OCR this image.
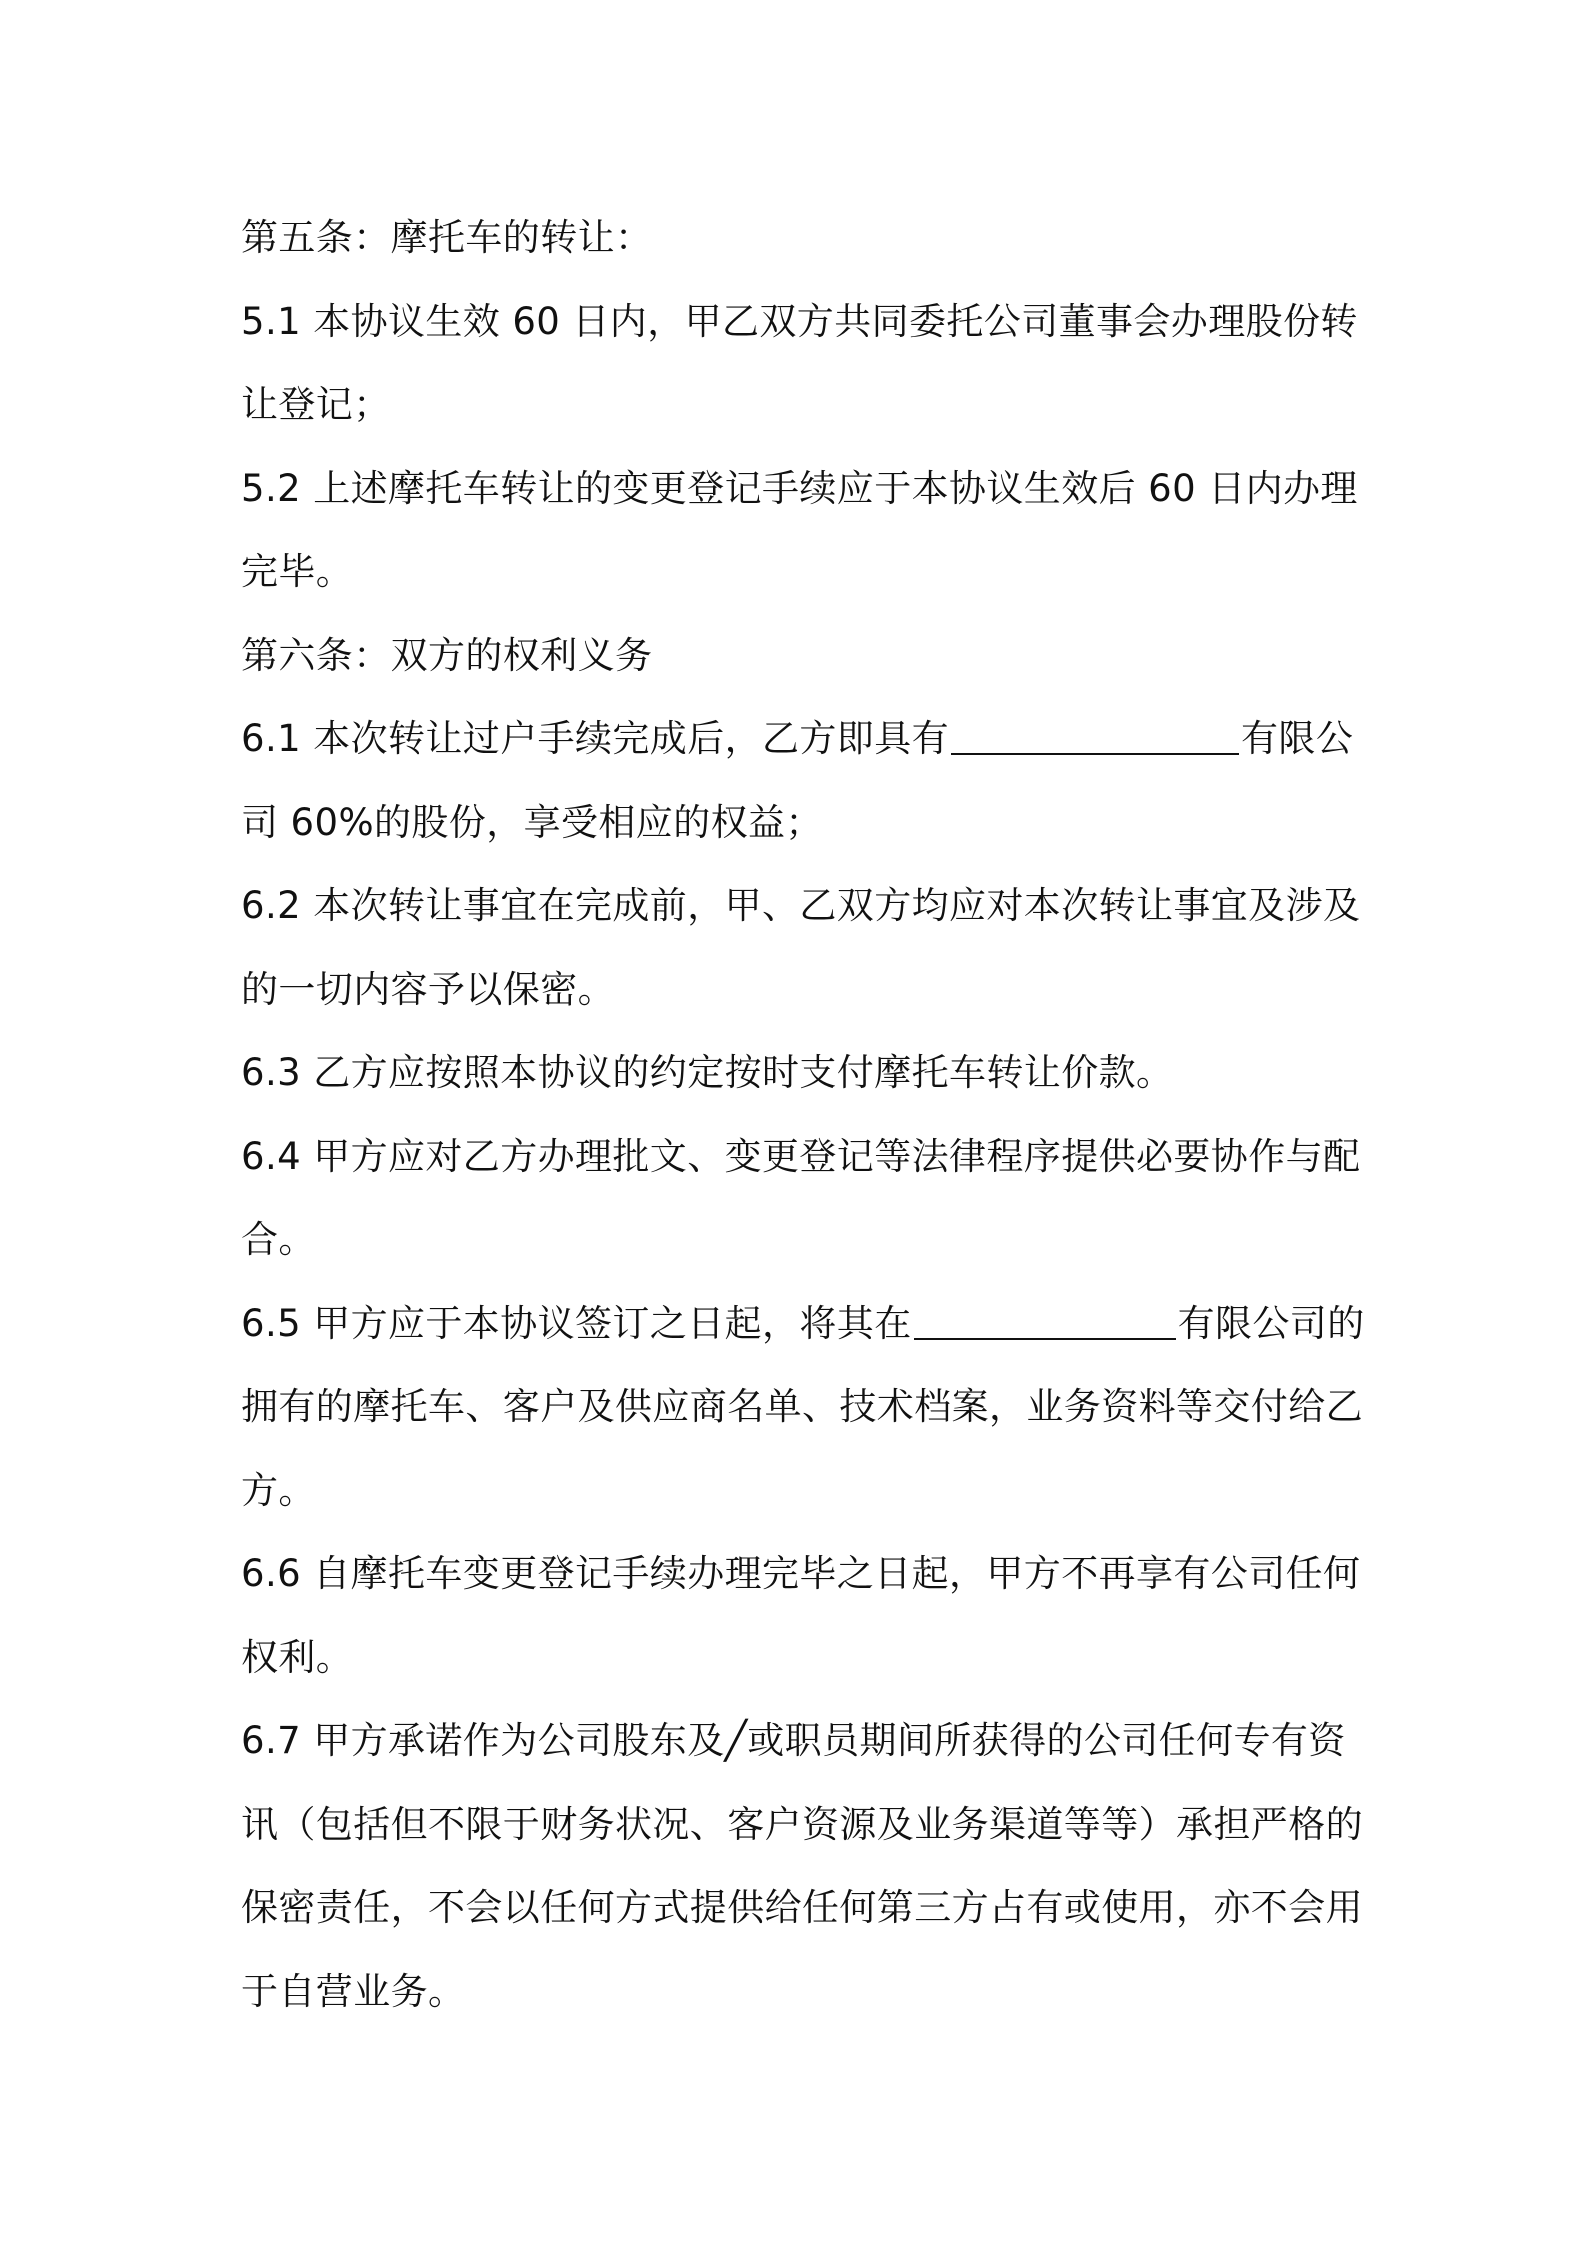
第五条：摩托车的转让：
5.1 本协议生效 60 日内，甲乙双方共同委托公司董事会办理股份转
让登记；
5.2 上述摩托车转让的变更登记手续应于本协议生效后 60 日内办理
完毕。
第六条：双方的权利义务
6.1 本次转让过户手续完成后，乙方即具有	有限公
司 60%的股份，享受相应的权益；
6.2 本次转让事宜在完成前，甲、乙双方均应对本次转让事宜及涉及
的一切内容予以保密。
6.3 乙方应按照本协议的约定按时支付摩托车转让价款。
6.4 甲方应对乙方办理批文、变更登记等法律程序提供必要协作与配
合。
6.5 甲方应于本协议签订之日起，将其在	有限公司的
拥有的摩托车、客户及供应商名单、技术档案，业务资料等交付给乙
方。
6.6 自摩托车变更登记手续办理完毕之日起，甲方不再享有公司任何
权利。
6.7 甲方承诺作为公司股东及╱或职员期间所获得的公司任何专有资
讯（包括但不限于财务状况、客户资源及业务渠道等等）承担严格的
保密责任，不会以任何方式提供给任何第三方占有或使用，亦不会用
于自营业务。
